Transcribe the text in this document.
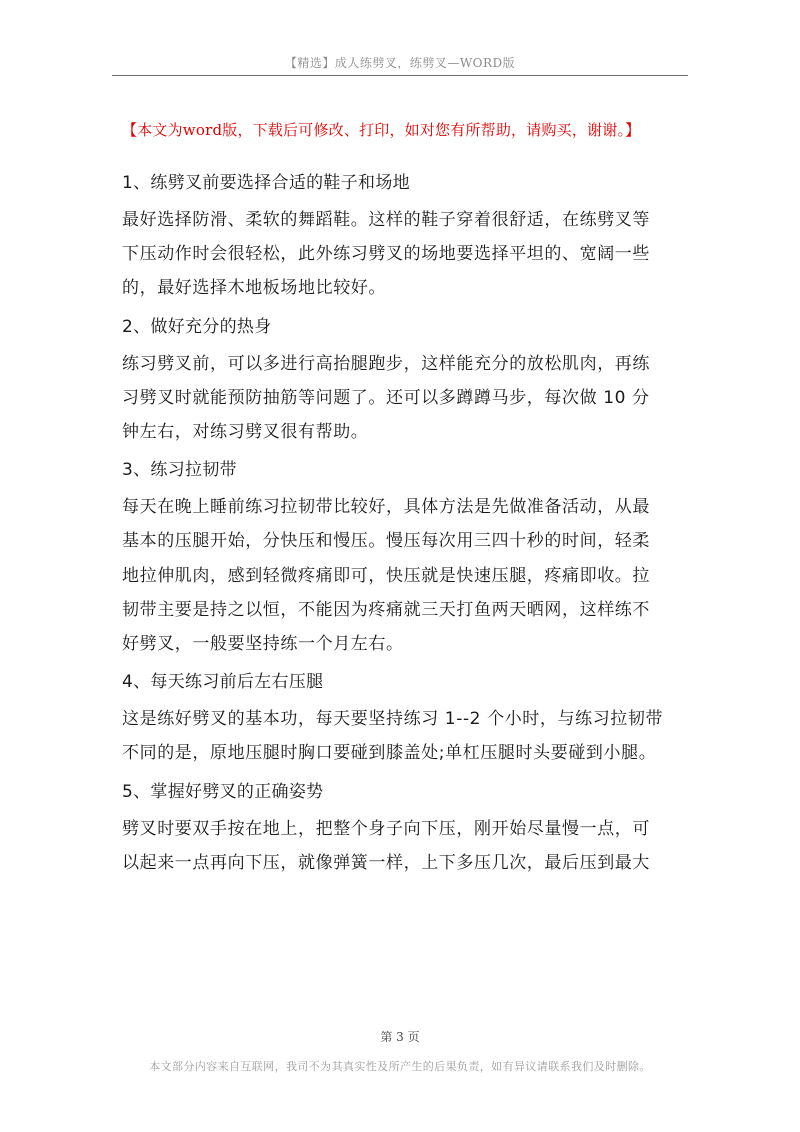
【精选】成人练劈叉，练劈叉—WORD版
【本文为word版，下载后可修改、打印，如对您有所帮助，请购买，谢谢。】
1、练劈叉前要选择合适的鞋子和场地
最好选择防滑、柔软的舞蹈鞋。这样的鞋子穿着很舒适，在练劈叉等
下压动作时会很轻松，此外练习劈叉的场地要选择平坦的、宽阔一些
的，最好选择木地板场地比较好。
2、做好充分的热身
练习劈叉前，可以多进行高抬腿跑步，这样能充分的放松肌肉，再练
习劈叉时就能预防抽筋等问题了。还可以多蹲蹲马步，每次做 10 分
钟左右，对练习劈叉很有帮助。
3、练习拉韧带
每天在晚上睡前练习拉韧带比较好，具体方法是先做准备活动，从最
基本的压腿开始，分快压和慢压。慢压每次用三四十秒的时间，轻柔
地拉伸肌肉，感到轻微疼痛即可，快压就是快速压腿，疼痛即收。拉
韧带主要是持之以恒，不能因为疼痛就三天打鱼两天晒网，这样练不
好劈叉，一般要坚持练一个月左右。
4、每天练习前后左右压腿
这是练好劈叉的基本功，每天要坚持练习 1--2 个小时，与练习拉韧带
不同的是，原地压腿时胸口要碰到膝盖处;单杠压腿时头要碰到小腿。
5、掌握好劈叉的正确姿势
劈叉时要双手按在地上，把整个身子向下压，刚开始尽量慢一点，可
以起来一点再向下压，就像弹簧一样，上下多压几次，最后压到最大
第 3 页
本文部分内容来自互联网，我司不为其真实性及所产生的后果负责，如有异议请联系我们及时删除。
